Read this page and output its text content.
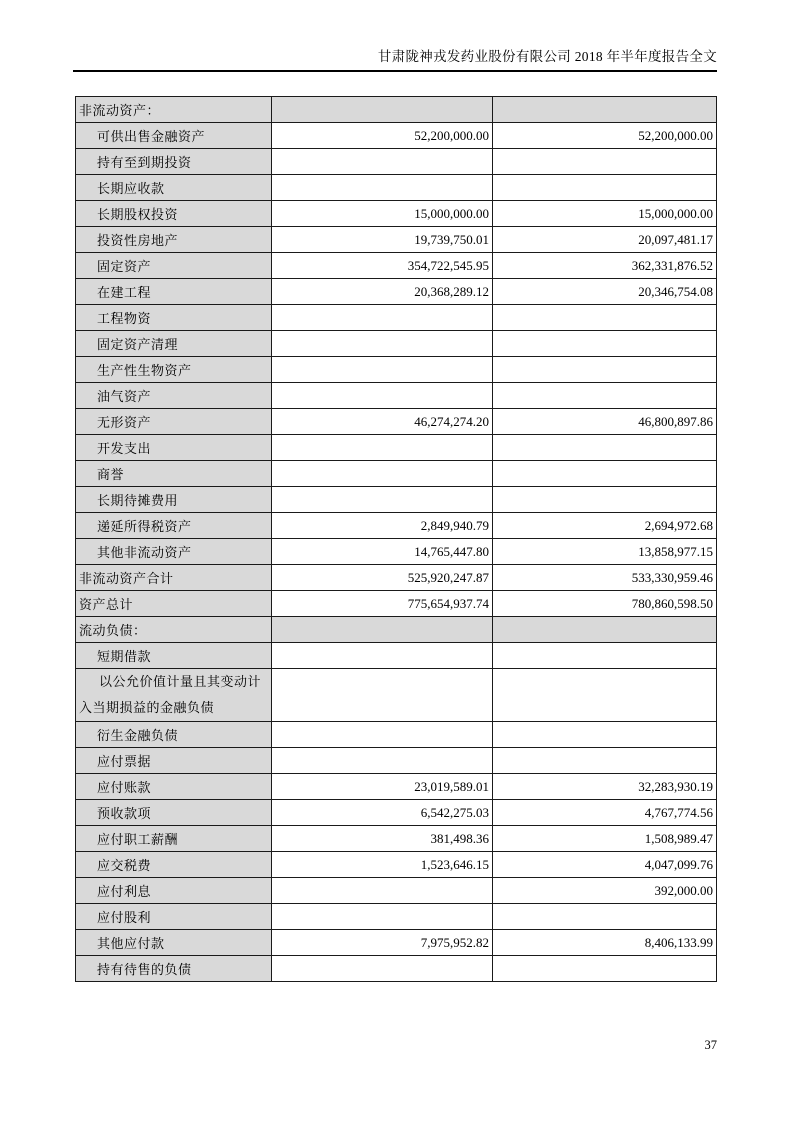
甘肃陇神戎发药业股份有限公司 2018 年半年度报告全文
非流动资产：		
可供出售金融资产	52,200,000.00	52,200,000.00
持有至到期投资		
长期应收款		
长期股权投资	15,000,000.00	15,000,000.00
投资性房地产	19,739,750.01	20,097,481.17
固定资产	354,722,545.95	362,331,876.52
在建工程	20,368,289.12	20,346,754.08
工程物资		
固定资产清理		
生产性生物资产		
油气资产		
无形资产	46,274,274.20	46,800,897.86
开发支出		
商誉		
长期待摊费用		
递延所得税资产	2,849,940.79	2,694,972.68
其他非流动资产	14,765,447.80	13,858,977.15
非流动资产合计	525,920,247.87	533,330,959.46
资产总计	775,654,937.74	780,860,598.50
流动负债：		
短期借款		
以公允价值计量且其变动计入当期损益的金融负债		
衍生金融负债		
应付票据		
应付账款	23,019,589.01	32,283,930.19
预收款项	6,542,275.03	4,767,774.56
应付职工薪酬	381,498.36	1,508,989.47
应交税费	1,523,646.15	4,047,099.76
应付利息		392,000.00
应付股利		
其他应付款	7,975,952.82	8,406,133.99
持有待售的负债		
37
